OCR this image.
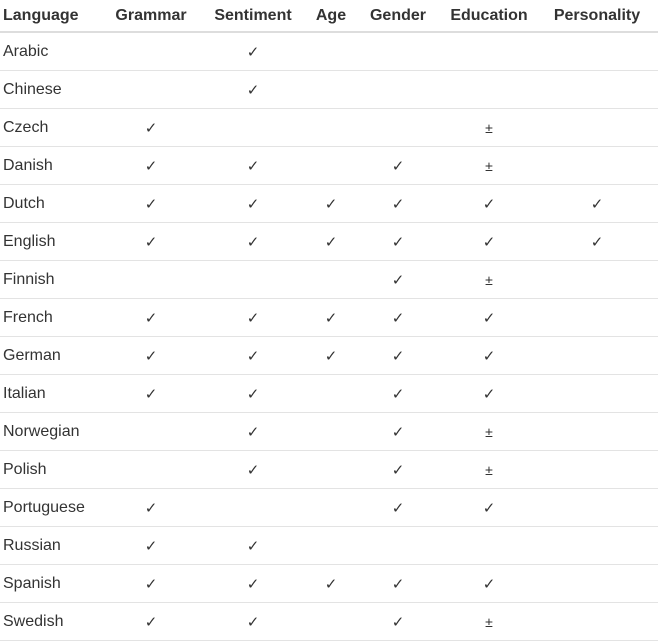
Language	Grammar	Sentiment	Age	Gender	Education	Personality
Arabic		✓				
Chinese		✓				
Czech	✓				±	
Danish	✓	✓		✓	±	
Dutch	✓	✓	✓	✓	✓	✓
English	✓	✓	✓	✓	✓	✓
Finnish				✓	±	
French	✓	✓	✓	✓	✓	
German	✓	✓	✓	✓	✓	
Italian	✓	✓		✓	✓	
Norwegian		✓		✓	±	
Polish		✓		✓	±	
Portuguese	✓			✓	✓	
Russian	✓	✓				
Spanish	✓	✓	✓	✓	✓	
Swedish	✓	✓		✓	±	
